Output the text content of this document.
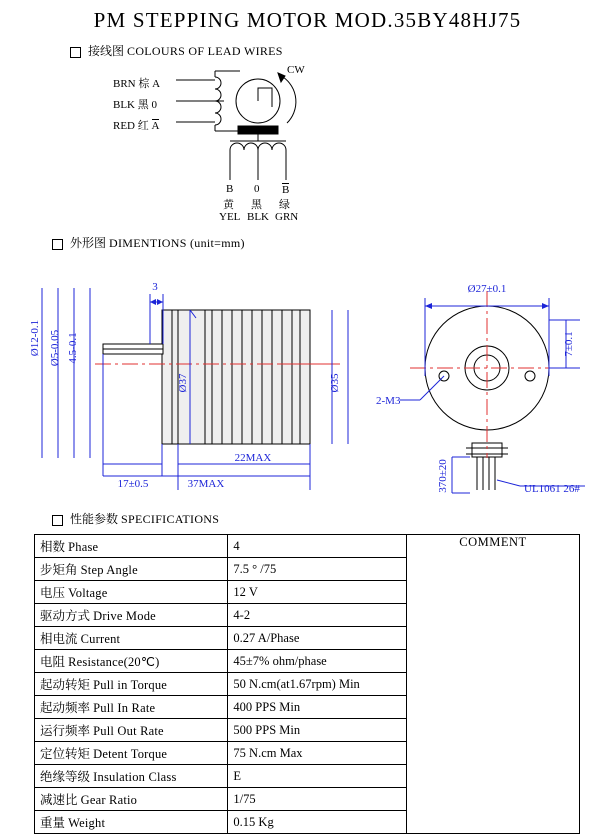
PM STEPPING MOTOR MOD.35BY48HJ75
接线图 COLOURS OF LEAD WIRES
CW
BRN 棕 A
BLK 黑 0
RED 红 A
B 0 B
黄 黑 绿
YEL BLK GRN
外形图 DIMENTIONS (unit=mm)
22MAX
37MAX
17±0.5
3
Ø37	Ø35
Ø12-0.1 Ø5-0.05 4.5-0.1
Ø27±0.1
7±0.1
2-M3
370±20	UL1061 26#
性能参数 SPECIFICATIONS
相数 Phase	4	COMMENT
步矩角 Step Angle	7.5 ° /75	
电压 Voltage	12 V	
驱动方式 Drive Mode	4-2	
相电流 Current	0.27 A/Phase	
电阻 Resistance(20℃)	45±7% ohm/phase	
起动转矩 Pull in Torque	50 N.cm(at1.67rpm) Min	
起动频率 Pull In Rate	400 PPS Min	
运行频率 Pull Out Rate	500 PPS Min	
定位转矩 Detent Torque	75 N.cm Max	
绝缘等级 Insulation Class	E	
减速比 Gear Ratio	1/75	
重量 Weight	0.15 Kg	
